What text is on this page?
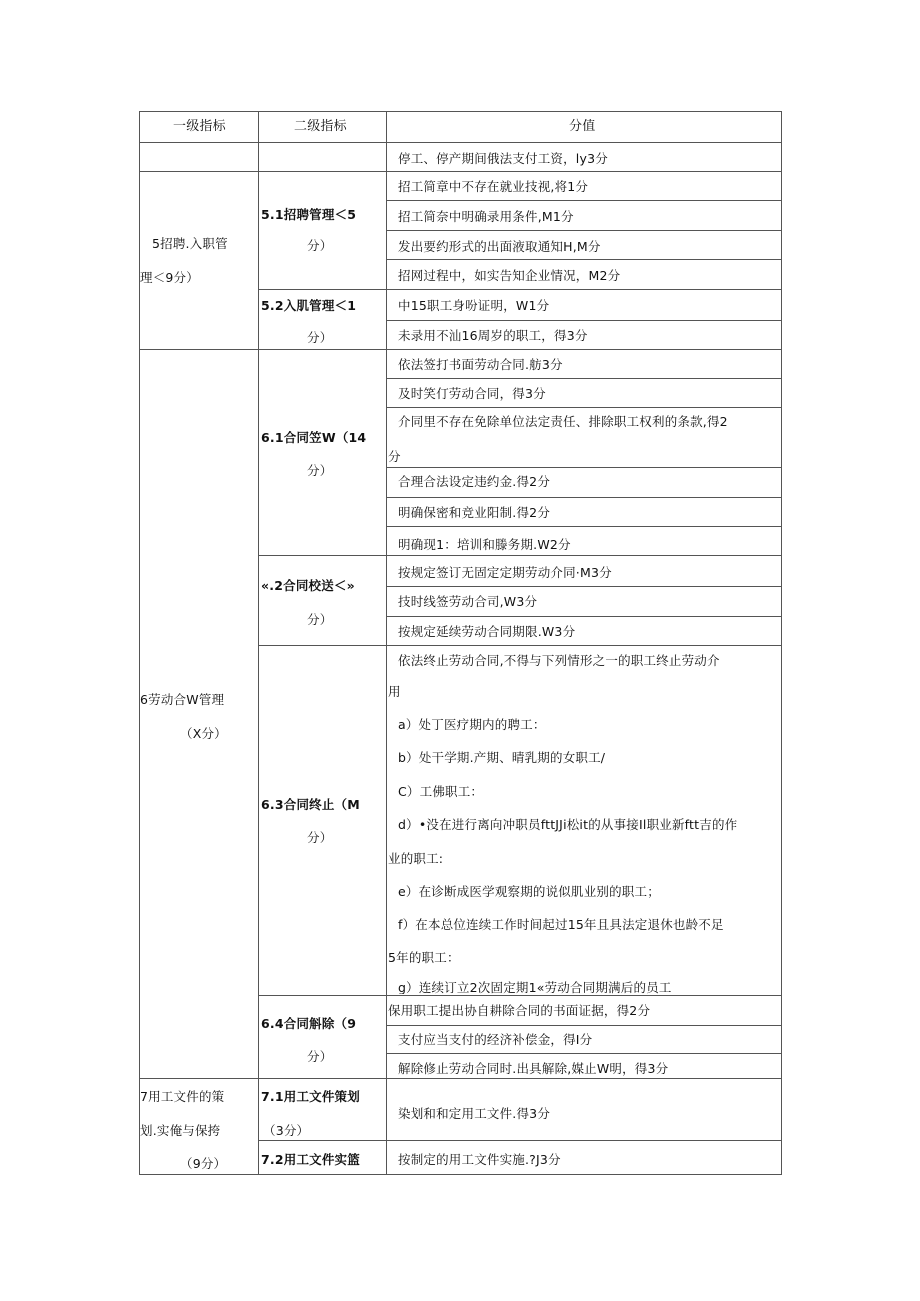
一级指标	二级指标	分值
停工、停产期间俄法支付工资，ly3分
5招聘.入职管
理＜9分）
5.1招聘管理＜5
分）
5.2入肌管理＜1
分）
招工简章中不存在就业技视,将1分
招工简奈中明确录用条件,M1分
发出要约形式的出面液取通知H,M分
招网过程中，如实告知企业情况，M2分
中15职工身吩证明，W1分
未录用不汕16周岁的职工，得3分
6劳动合W管理
（X分）
6.1合同笠W（14
分）
«.2合同校送＜»
分）
6.3合同终止（M
分）
6.4合同斛除（9
分）
依法签打书面劳动合同.舫3分
及时笑仃劳动合同，得3分
介同里不存在免除单位法定责任、排除职工权利的条款,得2
分
合理合法设定违约金.得2分
明确保密和竞业阳制.得2分
明确现1：培训和滕务期.W2分
按规定签订无固定定期劳动介同·M3分
技时线签劳动合司,W3分
按规定延续劳动合同期限.W3分
依法终止劳动合同,不得与下列情形之一的职工终止劳动介
用
a）处丁医疗期内的聘工：
b）处干学期.产期、晴乳期的女职工/
C）工佛职工：
d）•没在进行离向冲职员fttJJi松it的从事接Il职业新ftt吉的作
业的职工:
e）在诊断成医学观察期的说似肌业别的职工；
f）在本总位连续工作时间起过15年且具法定退休也龄不足
5年的职工：
g）连续订立2次固定期1«劳动合同期满后的员工
保用职工提出协自耕除合同的书面证据，得2分
支付应当支付的经济补偿金，得I分
解除修止劳动合同时.出具解除,媒止W明，得3分
7用工文件的策
划.实俺与保挎
（9分）
7.1用工文件策划
（3分）
7.2用工文件实篮
染划和和定用工文件.得3分
按制定的用工文件实施.?J3分
